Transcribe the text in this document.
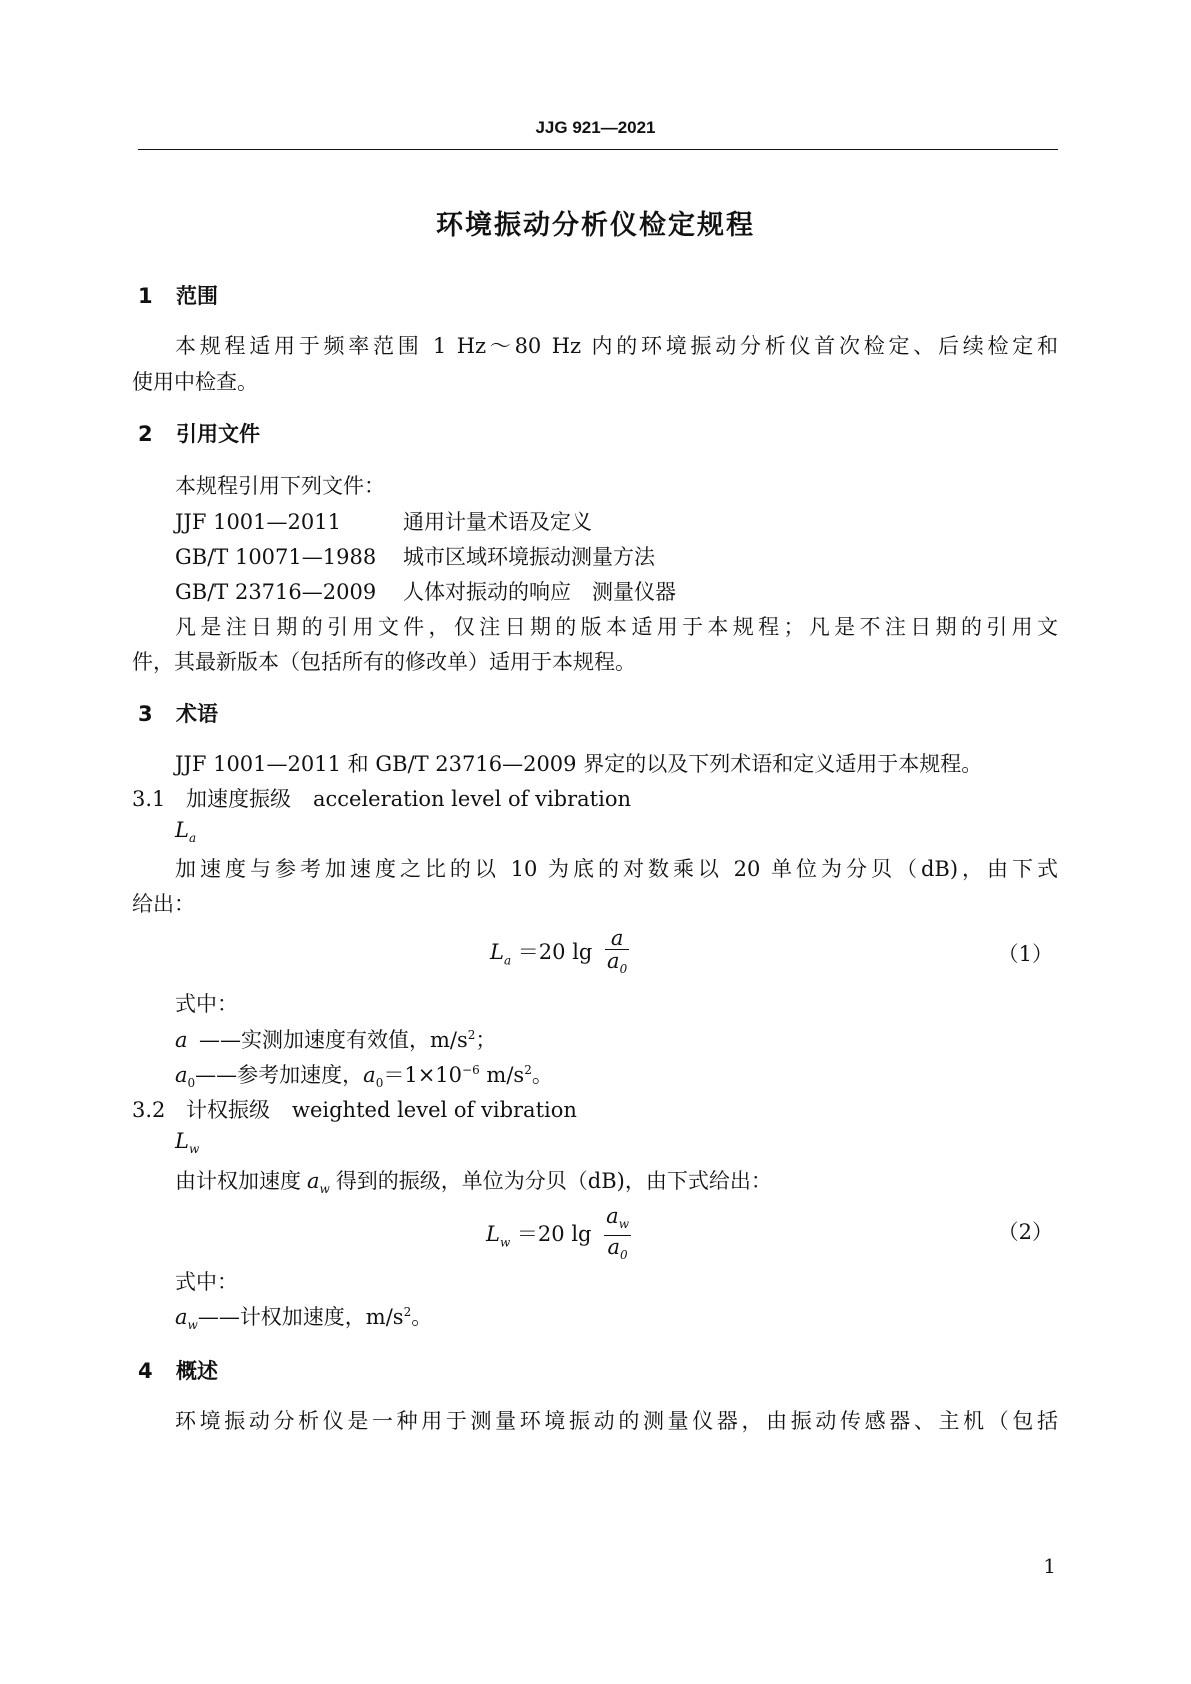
JJG 921—2021
环境振动分析仪检定规程
1 范围
本规程适用于频率范围 1 Hz～80 Hz 内的环境振动分析仪首次检定、后续检定和
使用中检查。
2 引用文件
本规程引用下列文件：
JJF 1001—2011	通用计量术语及定义
GB/T 10071—1988 城市区域环境振动测量方法
GB/T 23716—2009 人体对振动的响应　测量仪器
凡是注日期的引用文件，仅注日期的版本适用于本规程；凡是不注日期的引用文
件，其最新版本（包括所有的修改单）适用于本规程。
3 术语
JJF 1001—2011 和 GB/T 23716—2009 界定的以及下列术语和定义适用于本规程。
3.1 加速度振级 acceleration level of vibration
$L_a$
加速度与参考加速度之比的以 10 为底的对数乘以 20 单位为分贝（dB)，由下式
给出：
$L_a =20$ $\lg \frac{a}{a_0}$	（1）
式中：
a ——实测加速度有效值，$m/s^2$；
$a_0——$参考加速度，$a_0=1\times 10^{-6}$ $m/s^2$。
3.2 计权振级 weighted level of vibration
$L_w$
由计权加速度 $a_w$ 得到的振级，单位为分贝（dB)，由下式给出：
$L_w =20$ $\lg \frac{a_w}{a_0}$	（2）
式中：
$a_w——$计权加速度，$m/s^2$。
4 概述
环境振动分析仪是一种用于测量环境振动的测量仪器，由振动传感器、主机（包括
1
